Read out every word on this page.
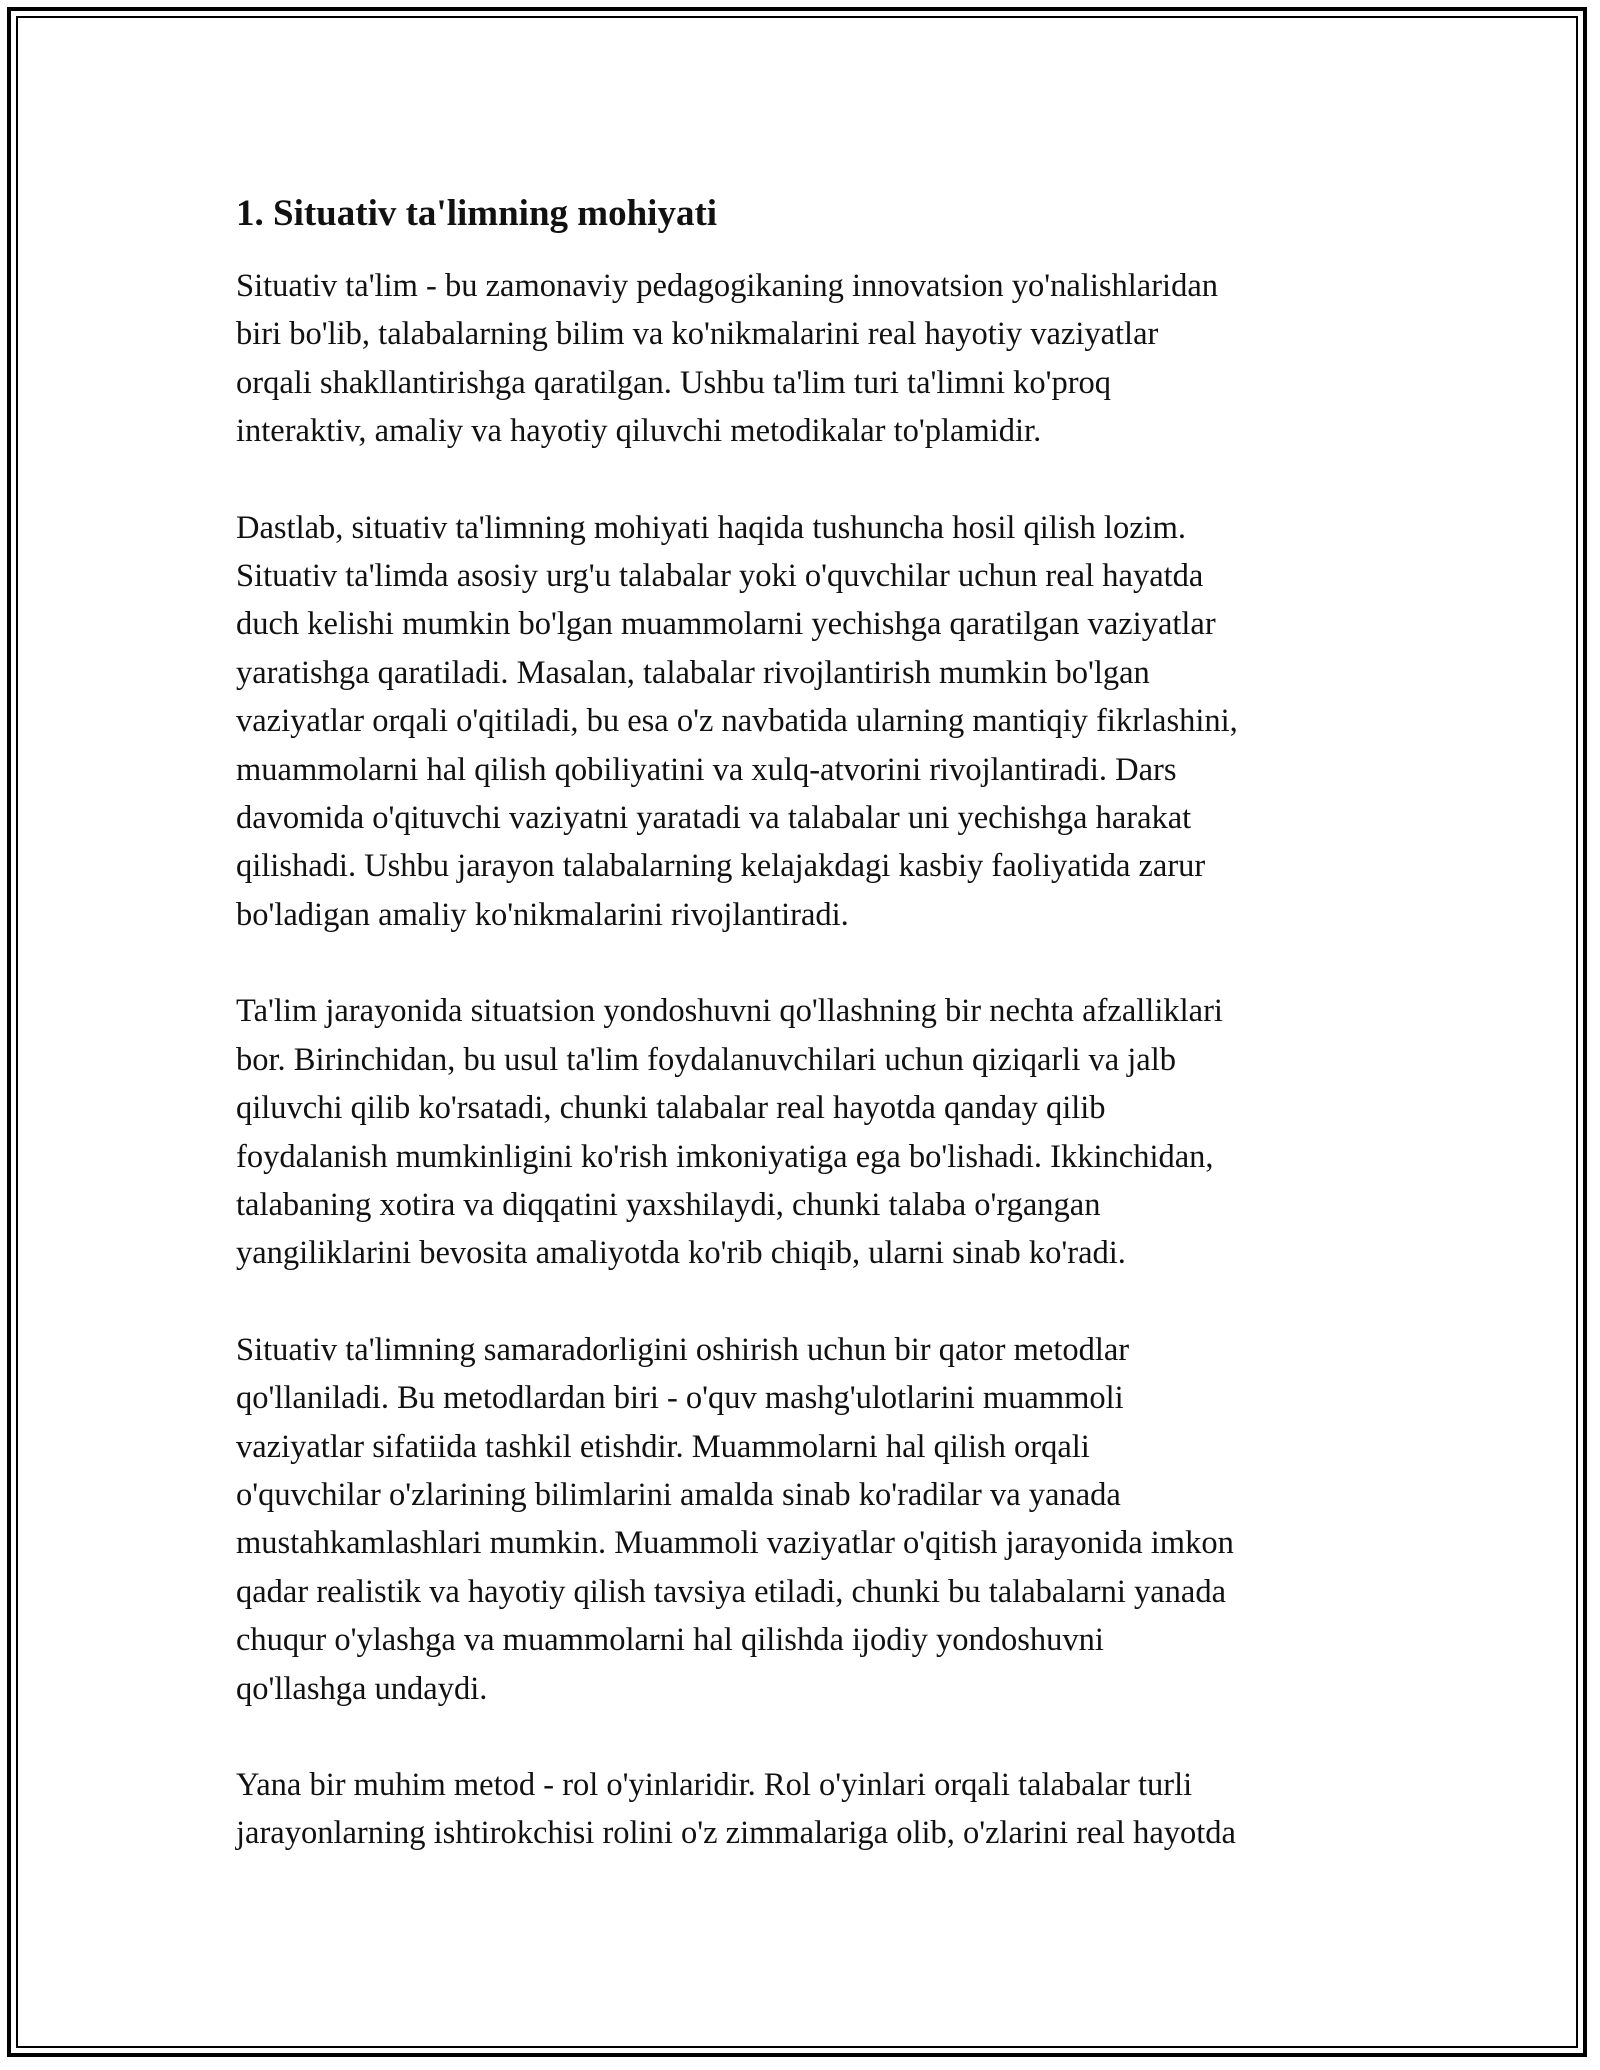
1. Situativ ta'limning mohiyati

Situativ ta'lim - bu zamonaviy pedagogikaning innovatsion yo'nalishlaridan
biri bo'lib, talabalarning bilim va ko'nikmalarini real hayotiy vaziyatlar
orqali shakllantirishga qaratilgan. Ushbu ta'lim turi ta'limni ko'proq
interaktiv, amaliy va hayotiy qiluvchi metodikalar to'plamidir.

Dastlab, situativ ta'limning mohiyati haqida tushuncha hosil qilish lozim.
Situativ ta'limda asosiy urg'u talabalar yoki o'quvchilar uchun real hayatda
duch kelishi mumkin bo'lgan muammolarni yechishga qaratilgan vaziyatlar
yaratishga qaratiladi. Masalan, talabalar rivojlantirish mumkin bo'lgan
vaziyatlar orqali o'qitiladi, bu esa o'z navbatida ularning mantiqiy fikrlashini,
muammolarni hal qilish qobiliyatini va xulq-atvorini rivojlantiradi. Dars
davomida o'qituvchi vaziyatni yaratadi va talabalar uni yechishga harakat
qilishadi. Ushbu jarayon talabalarning kelajakdagi kasbiy faoliyatida zarur
bo'ladigan amaliy ko'nikmalarini rivojlantiradi.

Ta'lim jarayonida situatsion yondoshuvni qo'llashning bir nechta afzalliklari
bor. Birinchidan, bu usul ta'lim foydalanuvchilari uchun qiziqarli va jalb
qiluvchi qilib ko'rsatadi, chunki talabalar real hayotda qanday qilib
foydalanish mumkinligini ko'rish imkoniyatiga ega bo'lishadi. Ikkinchidan,
talabaning xotira va diqqatini yaxshilaydi, chunki talaba o'rgangan
yangiliklarini bevosita amaliyotda ko'rib chiqib, ularni sinab ko'radi.

Situativ ta'limning samaradorligini oshirish uchun bir qator metodlar
qo'llaniladi. Bu metodlardan biri - o'quv mashg'ulotlarini muammoli
vaziyatlar sifatiida tashkil etishdir. Muammolarni hal qilish orqali
o'quvchilar o'zlarining bilimlarini amalda sinab ko'radilar va yanada
mustahkamlashlari mumkin. Muammoli vaziyatlar o'qitish jarayonida imkon
qadar realistik va hayotiy qilish tavsiya etiladi, chunki bu talabalarni yanada
chuqur o'ylashga va muammolarni hal qilishda ijodiy yondoshuvni
qo'llashga undaydi.

Yana bir muhim metod - rol o'yinlaridir. Rol o'yinlari orqali talabalar turli
jarayonlarning ishtirokchisi rolini o'z zimmalariga olib, o'zlarini real hayotda
